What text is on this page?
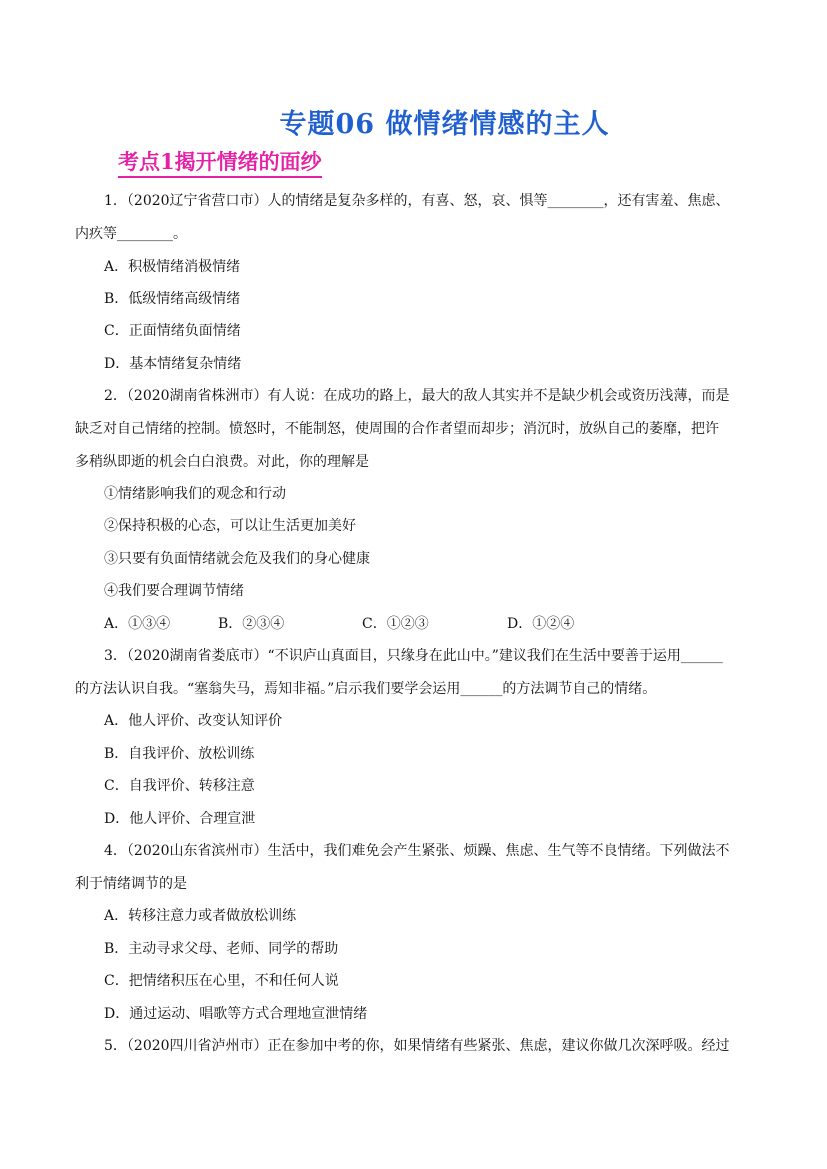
专题06 做情绪情感的主人
考点1揭开情绪的面纱
1．（2020辽宁省营口市）人的情绪是复杂多样的，有喜、怒，哀、惧等________，还有害羞、焦虑、
内疚等________。
A．积极情绪消极情绪
B．低级情绪高级情绪
C．正面情绪负面情绪
D．基本情绪复杂情绪
2．（2020湖南省株洲市）有人说：在成功的路上，最大的敌人其实并不是缺少机会或资历浅薄，而是
缺乏对自己情绪的控制。愤怒时，不能制怒，使周围的合作者望而却步；消沉时，放纵自己的萎靡，把许
多稍纵即逝的机会白白浪费。对此，你的理解是
①情绪影响我们的观念和行动
②保持积极的心态，可以让生活更加美好
③只要有负面情绪就会危及我们的身心健康
④我们要合理调节情绪
A．①③④	B．②③④	C．①②③	D．①②④
3．（2020湖南省娄底市）“不识庐山真面目，只缘身在此山中。”建议我们在生活中要善于运用______
的方法认识自我。“塞翁失马，焉知非福。”启示我们要学会运用______的方法调节自己的情绪。
A．他人评价、改变认知评价
B．自我评价、放松训练
C．自我评价、转移注意
D．他人评价、合理宣泄
4．（2020山东省滨州市）生活中，我们难免会产生紧张、烦躁、焦虑、生气等不良情绪。下列做法不
利于情绪调节的是
A．转移注意力或者做放松训练
B．主动寻求父母、老师、同学的帮助
C．把情绪积压在心里，不和任何人说
D．通过运动、唱歌等方式合理地宣泄情绪
5．（2020四川省泸州市）正在参加中考的你，如果情绪有些紧张、焦虑，建议你做几次深呼吸。经过
